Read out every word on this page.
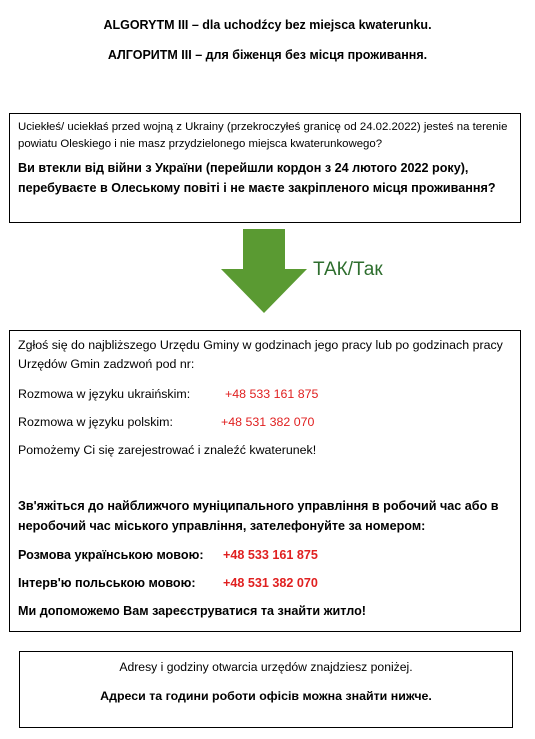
ALGORYTM III – dla uchodźcy bez miejsca kwaterunku.
АЛГОРИТМ III – для біженця без місця проживання.

Uciekłeś/ uciekłaś przed wojną z Ukrainy (przekroczyłeś granicę od 24.02.2022) jesteś na terenie powiatu Oleskiego i nie masz przydzielonego miejsca kwaterunkowego?

Ви втекли від війни з України (перейшли кордон з 24 лютого 2022 року), перебуваєте в Олеському повіті і не маєте закріпленого місця проживання?

ТАК/Так

Zgłoś się do najbliższego Urzędu Gminy w godzinach jego pracy lub po godzinach pracy Urzędów Gmin zadzwoń pod nr:

Rozmowa w języku ukraińskim:	+48 533 161 875
Rozmowa w języku polskim:	+48 531 382 070

Pomożemy Ci się zarejestrować i znaleźć kwaterunek!

Зв'яжіться до найближчого муніципального управління в робочий час або в неробочий час міського управління, зателефонуйте за номером:

Розмова українською мовою: +48 533 161 875
Інтерв'ю польською мовою: +48 531 382 070

Ми допоможемо Вам зареєструватися та знайти житло!

Adresy i godziny otwarcia urzędów znajdziesz poniżej.

Адреси та години роботи офісів можна знайти нижче.
